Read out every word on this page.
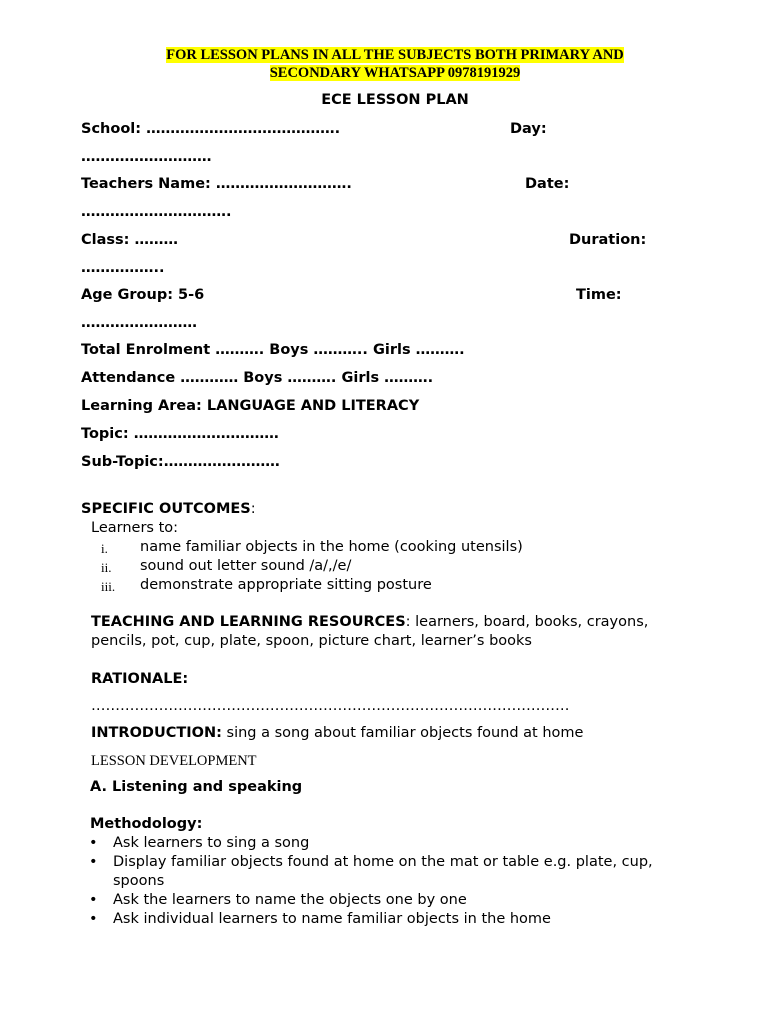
FOR LESSON PLANS IN ALL THE SUBJECTS BOTH PRIMARY AND
SECONDARY WHATSAPP 0978191929
ECE LESSON PLAN
School: ………………………………….	Day:
………………………
Teachers Name: ……………………….	Date:
………………………….
Class: ………	Duration:
……………..
Age Group: 5-6	Time:
……………………
Total Enrolment ………. Boys ……….. Girls ……….
Attendance ………… Boys ………. Girls ……….
Learning Area: LANGUAGE AND LITERACY
Topic: …………………………
Sub-Topic:……………………
SPECIFIC OUTCOMES:
Learners to:
i. name familiar objects in the home (cooking utensils)
ii. sound out letter sound /a/,/e/
iii. demonstrate appropriate sitting posture
TEACHING AND LEARNING RESOURCES: learners, board, books, crayons,
pencils, pot, cup, plate, spoon, picture chart, learner’s books
RATIONALE:
………………………………………………………………………………………
INTRODUCTION: sing a song about familiar objects found at home
LESSON DEVELOPMENT
A. Listening and speaking
Methodology:
• Ask learners to sing a song
• Display familiar objects found at home on the mat or table e.g. plate, cup,
spoons
• Ask the learners to name the objects one by one
• Ask individual learners to name familiar objects in the home
